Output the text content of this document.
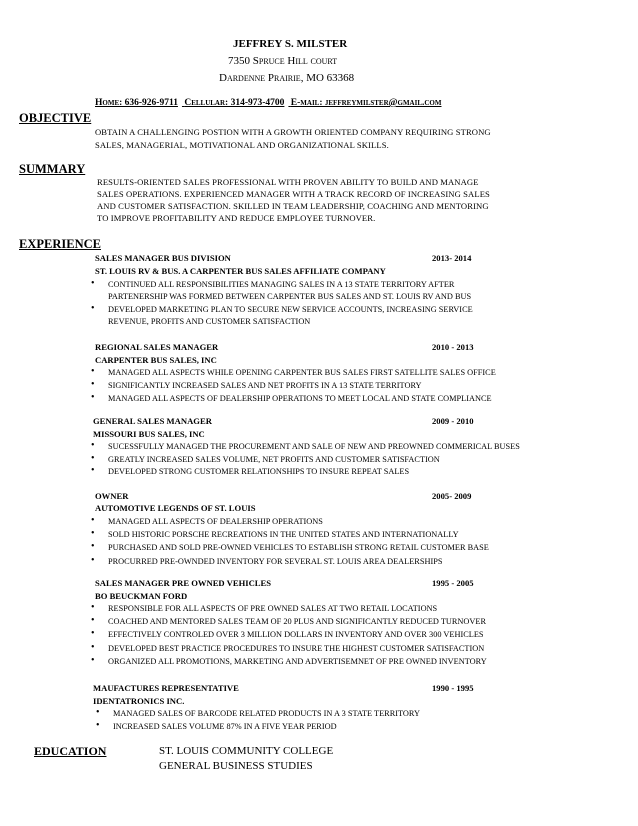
JEFFREY S. MILSTER
7350 Spruce Hill court
Dardenne Prairie, MO 63368
Home: 636-926-9711 Cellular: 314-973-4700 E-mail: jeffreymilster@gmail.com
OBJECTIVE
OBTAIN A CHALLENGING POSTION WITH A GROWTH ORIENTED COMPANY REQUIRING STRONG
SALES, MANAGERIAL, MOTIVATIONAL AND ORGANIZATIONAL SKILLS.
SUMMARY
RESULTS-ORIENTED SALES PROFESSIONAL WITH PROVEN ABILITY TO BUILD AND MANAGE
SALES OPERATIONS. EXPERIENCED MANAGER WITH A TRACK RECORD OF INCREASING SALES
AND CUSTOMER SATISFACTION. SKILLED IN TEAM LEADERSHIP, COACHING AND MENTORING
TO IMPROVE PROFITABILITY AND REDUCE EMPLOYEE TURNOVER.
EXPERIENCE
SALES MANAGER BUS DIVISION	2013- 2014
ST. LOUIS RV & BUS. A CARPENTER BUS SALES AFFILIATE COMPANY
• CONTINUED ALL RESPONSIBILITIES MANAGING SALES IN A 13 STATE TERRITORY AFTER
PARTENERSHIP WAS FORMED BETWEEN CARPENTER BUS SALES AND ST. LOUIS RV AND BUS
• DEVELOPED MARKETING PLAN TO SECURE NEW SERVICE ACCOUNTS, INCREASING SERVICE
REVENUE, PROFITS AND CUSTOMER SATISFACTION
REGIONAL SALES MANAGER	2010 - 2013
CARPENTER BUS SALES, INC
• MANAGED ALL ASPECTS WHILE OPENING CARPENTER BUS SALES FIRST SATELLITE SALES OFFICE
• SIGNIFICANTLY INCREASED SALES AND NET PROFITS IN A 13 STATE TERRITORY
• MANAGED ALL ASPECTS OF DEALERSHIP OPERATIONS TO MEET LOCAL AND STATE COMPLIANCE
GENERAL SALES MANAGER	2009 - 2010
MISSOURI BUS SALES, INC
• SUCESSFULLY MANAGED THE PROCUREMENT AND SALE OF NEW AND PREOWNED COMMERICAL BUSES
• GREATLY INCREASED SALES VOLUME, NET PROFITS AND CUSTOMER SATISFACTION
• DEVELOPED STRONG CUSTOMER RELATIONSHIPS TO INSURE REPEAT SALES
OWNER	2005- 2009
AUTOMOTIVE LEGENDS OF ST. LOUIS
• MANAGED ALL ASPECTS OF DEALERSHIP OPERATIONS
• SOLD HISTORIC PORSCHE RECREATIONS IN THE UNITED STATES AND INTERNATIONALLY
• PURCHASED AND SOLD PRE-OWNED VEHICLES TO ESTABLISH STRONG RETAIL CUSTOMER BASE
• PROCURRED PRE-OWNDED INVENTORY FOR SEVERAL ST. LOUIS AREA DEALERSHIPS
SALES MANAGER PRE OWNED VEHICLES	1995 - 2005
BO BEUCKMAN FORD
• RESPONSIBLE FOR ALL ASPECTS OF PRE OWNED SALES AT TWO RETAIL LOCATIONS
• COACHED AND MENTORED SALES TEAM OF 20 PLUS AND SIGNIFICANTLY REDUCED TURNOVER
• EFFECTIVELY CONTROLED OVER 3 MILLION DOLLARS IN INVENTORY AND OVER 300 VEHICLES
• DEVELOPED BEST PRACTICE PROCEDURES TO INSURE THE HIGHEST CUSTOMER SATISFACTION
• ORGANIZED ALL PROMOTIONS, MARKETING AND ADVERTISEMNET OF PRE OWNED INVENTORY
MAUFACTURES REPRESENTATIVE	1990 - 1995
IDENTATRONICS INC.
• MANAGED SALES OF BARCODE RELATED PRODUCTS IN A 3 STATE TERRITORY
• INCREASED SALES VOLUME 87% IN A FIVE YEAR PERIOD
EDUCATION	ST. LOUIS COMMUNITY COLLEGE
GENERAL BUSINESS STUDIES
